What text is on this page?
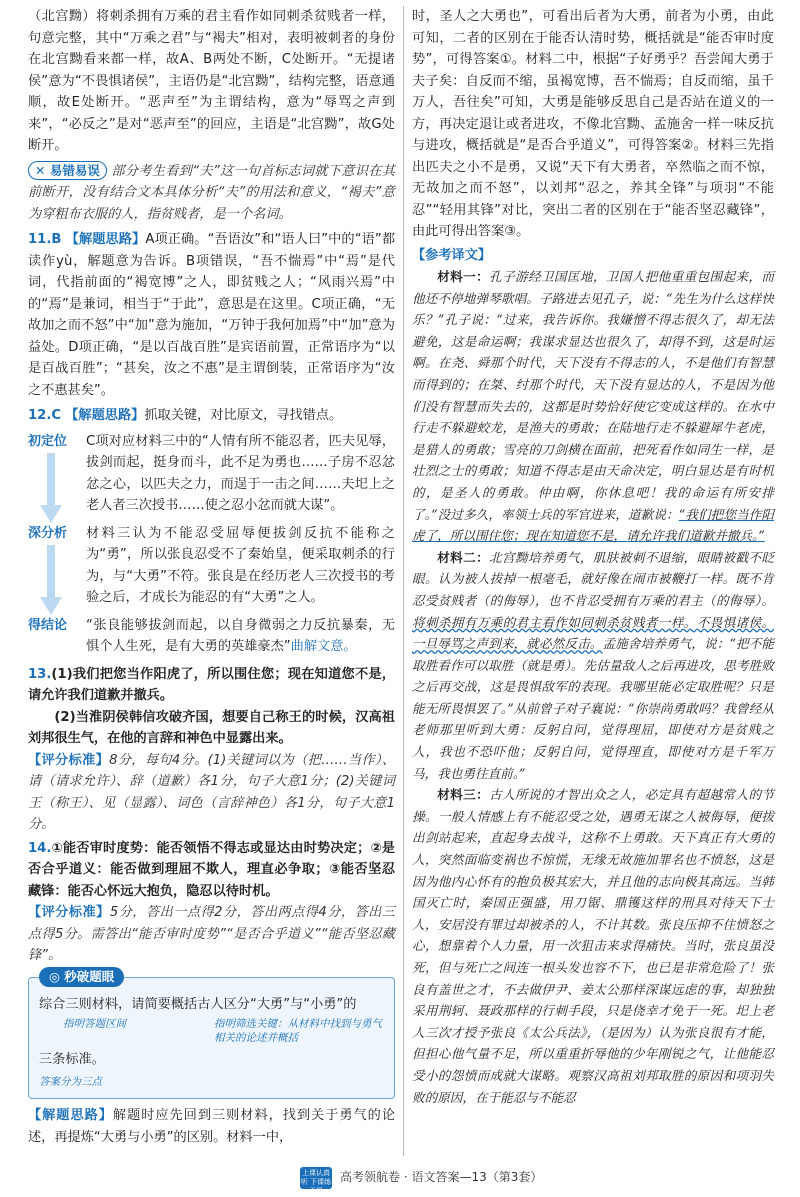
（北宫黝）将刺杀拥有万乘的君主看作如同刺杀贫贱者一样，句意完整，其中“万乘之君”与“褐夫”相对，表明被刺者的身份在北宫黝看来都一样，故A、B两处不断，C处断开。“无提诸侯”意为“不畏惧诸侯”，主语仍是“北宫黝”，结构完整，语意通顺，故E处断开。“恶声至”为主谓结构，意为“辱骂之声到来”，“必反之”是对“恶声至”的回应，主语是“北宫黝”，故G处断开。

✕ 易错易误 部分考生看到“夫”这一句首标志词就下意识在其前断开，没有结合文本具体分析“夫”的用法和意义，“褐夫”意为穿粗布衣服的人，指贫贱者，是一个名词。

11.B 【解题思路】A项正确。“吾语汝”和“语人曰”中的“语”都读作yù，解题意为告诉。B项错误，“吾不惴焉”中“焉”是代词，代指前面的“褐宽博”之人，即贫贱之人；“风雨兴焉”中的“焉”是兼词，相当于“于此”，意思是在这里。C项正确，“无故加之而不怒”中“加”意为施加，“万钟于我何加焉”中“加”意为益处。D项正确，“是以百战百胜”是宾语前置，正常语序为“以是百战百胜”；“甚矣，汝之不惠”是主谓倒装，正常语序为“汝之不惠甚矣”。

12.C 【解题思路】抓取关键，对比原文，寻找错点。

初定位	C项对应材料三中的“人情有所不能忍者，匹夫见辱，拔剑而起，挺身而斗，此不足为勇也……子房不忍忿忿之心，以匹夫之力，而逞于一击之间……夫圯上之老人者三次授书……使之忍小忿而就大谋”。

深分析	材料三认为不能忍受屈辱便拔剑反抗不能称之为“勇”，所以张良忍受不了秦始皇，便采取刺杀的行为，与“大勇”不符。张良是在经历老人三次授书的考验之后，才成长为能忍的有“大勇”之人。

得结论	“张良能够拔剑而起，以自身微弱之力反抗暴秦，无惧个人生死，是有大勇的英雄豪杰”曲解文意。

13.(1)我们把您当作阳虎了，所以围住您；现在知道您不是，请允许我们道歉并撤兵。

(2)当淮阴侯韩信攻破齐国，想要自己称王的时候，汉高祖刘邦很生气，在他的言辞和神色中显露出来。

【评分标准】8分，每句4分。(1)关键词以为（把……当作）、请（请求允许）、辞（道歉）各1分，句子大意1分；(2)关键词王（称王）、见（显露）、词色（言辞神色）各1分，句子大意1分。

14.①能否审时度势：能否领悟不得志或显达由时势决定；②是否合乎道义：能否做到理屈不欺人，理直必争取；③能否坚忍藏锋：能否心怀远大抱负，隐忍以待时机。

【评分标准】5分，答出一点得2分，答出两点得4分，答出三点得5分。需答出“能否审时度势”“是否合乎道义”“能否坚忍藏锋”。

◎ 秒破题眼

综合三则材料，请简要概括古人区分“大勇”与“小勇”的

指明答题区间	指明筛选关键：从材料中找到与勇气相关的论述并概括

三条标准。

答案分为三点

【解题思路】解题时应先回到三则材料，找到关于勇气的论述，再提炼“大勇与小勇”的区别。材料一中，

时，圣人之大勇也”，可看出后者为大勇，前者为小勇，由此可知，二者的区别在于能否认清时势，概括就是“能否审时度势”，可得答案①。材料二中，根据“子好勇乎？吾尝闻大勇于夫子矣：自反而不缩，虽褐宽博，吾不惴焉；自反而缩，虽千万人，吾往矣”可知，大勇是能够反思自己是否站在道义的一方，再决定退让或者进攻，不像北宫黝、孟施舍一样一味反抗与进攻，概括就是“是否合乎道义”，可得答案②。材料三先指出匹夫之小不是勇，又说“天下有大勇者，卒然临之而不惊，无故加之而不怒”，以刘邦“忍之，养其全锋”与项羽“不能忍”“轻用其锋”对比，突出二者的区别在于“能否坚忍藏锋”，由此可得出答案③。

【参考译文】

材料一：孔子游经卫国匡地，卫国人把他重重包围起来，而他还不停地弹琴歌唱。子路进去见孔子，说：“先生为什么这样快乐？”孔子说：“过来，我告诉你。我嫌憎不得志很久了，却无法避免，这是命运啊；我谋求显达也很久了，却得不到，这是时运啊。在尧、舜那个时代，天下没有不得志的人，不是他们有智慧而得到的；在桀、纣那个时代，天下没有显达的人，不是因为他们没有智慧而失去的，这都是时势恰好使它变成这样的。在水中行走不躲避蛟龙，是渔夫的勇敢；在陆地行走不躲避犀牛老虎，是猎人的勇敢；雪亮的刀剑横在面前，把死看作如同生一样，是壮烈之士的勇敢；知道不得志是由天命决定，明白显达是有时机的，是圣人的勇敢。仲由啊，你休息吧！我的命运有所安排了。”没过多久，率领士兵的军官进来，道歉说：“我们把您当作阳虎了，所以围住您；现在知道您不是，请允许我们道歉并撤兵。”

材料二：北宫黝培养勇气，肌肤被刺不退缩，眼睛被戳不眨眼。认为被人拔掉一根毫毛，就好像在闹市被鞭打一样。既不肯忍受贫贱者（的侮辱），也不肯忍受拥有万乘的君主（的侮辱）。将刺杀拥有万乘的君主看作如同刺杀贫贱者一样。不畏惧诸侯。一旦辱骂之声到来，就必然反击。孟施舍培养勇气，说：“把不能取胜看作可以取胜（就是勇）。先估量敌人之后再进攻，思考胜败之后再交战，这是畏惧敌军的表现。我哪里能必定取胜呢？只是能无所畏惧罢了。”从前曾子对子襄说：“你崇尚勇敢吗？我曾经从老师那里听到大勇：反躬自问，觉得理屈，即使对方是贫贱之人，我也不恐吓他；反躬自问，觉得理直，即使对方是千军万马，我也勇往直前。”

材料三：古人所说的才智出众之人，必定具有超越常人的节操。一般人情感上有不能忍受之处，遇勇无谋之人被侮辱，便拔出剑站起来，直起身去战斗，这称不上勇敢。天下真正有大勇的人，突然面临变祸也不惊慌，无缘无故施加罪名也不愤怒，这是因为他内心怀有的抱负极其宏大，并且他的志向极其高远。当韩国灭亡时，秦国正强盛，用刀锯、鼎镬这样的刑具对待天下士人，安居没有罪过却被杀的人，不计其数。张良压抑不住愤怒之心，想靠着个人力量，用一次狙击来求得痛快。当时，张良虽没死，但与死亡之间连一根头发也容不下，也已是非常危险了！张良有盖世之才，不去做伊尹、姜太公那样深谋远虑的事，却独独采用荆轲、聂政那样的行刺手段，只是侥幸才免于一死。圯上老人三次才授予张良《太公兵法》，（是因为）认为张良很有才能，但担心他气量不足，所以重重折辱他的少年刚锐之气，让他能忍受小的怨愤而成就大谋略。观察汉高祖刘邦取胜的原因和项羽失败的原因，在于能忍与不能忍

上课认真听 下课练天星
高考领航卷 · 语文答案—13（第3套）
